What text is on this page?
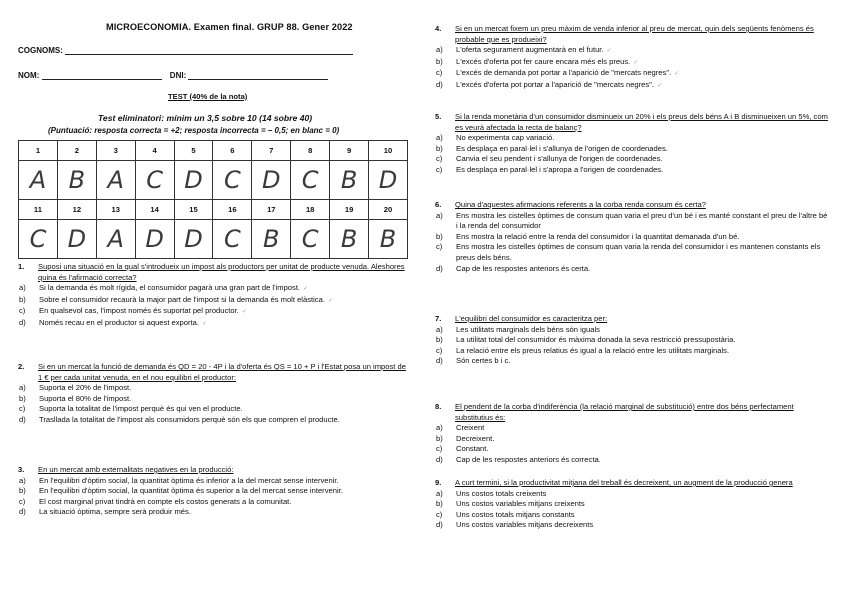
MICROECONOMIA. Examen final. GRUP 88. Gener 2022
COGNOMS:
NOM:	DNI:
TEST (40% de la nota)
Test eliminatori: mínim un 3,5 sobre 10 (14 sobre 40)
(Puntuació: resposta correcta = +2; resposta incorrecta = – 0,5; en blanc = 0)
1	2	3	4	5	6	7	8	9	10
A	B	A	C	D	C	D	C	B	D
11	12	13	14	15	16	17	18	19	20
C	D	A	D	D	C	B	C	B	B
1.	Suposi una situació en la qual s'introdueix un impost als productors per unitat de producte venuda. Aleshores quina és l'afirmació correcta?
a)	Si la demanda és molt rígida, el consumidor pagarà una gran part de l'impost. ✓
b)	Sobre el consumidor recaurà la major part de l'impost si la demanda és molt elàstica. ✓
c)	En qualsevol cas, l'impost només és suportat pel productor. ✓
d)	Només recau en el productor si aquest exporta. ✓
2.	Si en un mercat la funció de demanda és QD = 20 - 4P i la d'oferta és QS = 10 + P i l'Estat posa un impost de 1 € per cada unitat venuda, en el nou equilibri el productor:
a)	Suporta el 20% de l'impost.
b)	Suporta el 80% de l'impost.
c)	Suporta la totalitat de l'impost perquè és qui ven el producte.
d)	Trasllada la totalitat de l'impost als consumidors perquè són els que compren el producte.
3.	En un mercat amb externalitats negatives en la producció:
a)	En l'equilibri d'òptim social, la quantitat òptima és inferior a la del mercat sense intervenir.
b)	En l'equilibri d'òptim social, la quantitat òptima és superior a la del mercat sense intervenir.
c)	El cost marginal privat tindrà en compte els costos generats a la comunitat.
d)	La situació òptima, sempre serà produir més.
4.	Si en un mercat fixem un preu màxim de venda inferior al preu de mercat, quin dels següents fenòmens és probable que es produeixi?
a)	L'oferta segurament augmentarà en el futur. ✓
b)	L'excés d'oferta pot fer caure encara més els preus. ✓
c)	L'excés de demanda pot portar a l'aparició de "mercats negres". ✓
d)	L'excés d'oferta pot portar a l'aparició de "mercats negres". ✓
5.	Si la renda monetària d'un consumidor disminueix un 20% i els preus dels béns A i B disminueixen un 5%, com es veurà afectada la recta de balanç?
a)	No experimenta cap variació.
b)	Es desplaça en paral·lel i s'allunya de l'origen de coordenades.
c)	Canvia el seu pendent i s'allunya de l'origen de coordenades.
c)	Es desplaça en paral·lel i s'apropa a l'origen de coordenades.
6.	Quina d'aquestes afirmacions referents a la corba renda consum és certa?
a)	Ens mostra les cistelles òptimes de consum quan varia el preu d'un bé i es manté constant el preu de l'altre bé i la renda del consumidor
b)	Ens mostra la relació entre la renda del consumidor i la quantitat demanada d'un bé.
c)	Ens mostra les cistelles òptimes de consum quan varia la renda del consumidor i es mantenen constants els preus dels béns.
d)	Cap de les respostes anteriors és certa.
7.	L'equilibri del consumidor es caracteritza per:
a)	Les utilitats marginals dels béns són iguals
b)	La utilitat total del consumidor és màxima donada la seva restricció pressupostària.
c)	La relació entre els preus relatius és igual a la relació entre les utilitats marginals.
d)	Són certes b i c.
8.	El pendent de la corba d'indiferència (la relació marginal de substitució) entre dos béns perfectament substitutius és:
a)	Creixent
b)	Decreixent.
c)	Constant.
d)	Cap de les respostes anteriors és correcta.
9.	A curt termini, si la productivitat mitjana del treball és decreixent, un augment de la producció genera
a)	Uns costos totals creixents
b)	Uns costos variables mitjans creixents
c)	Uns costos totals mitjans constants
d)	Uns costos variables mitjans decreixents
